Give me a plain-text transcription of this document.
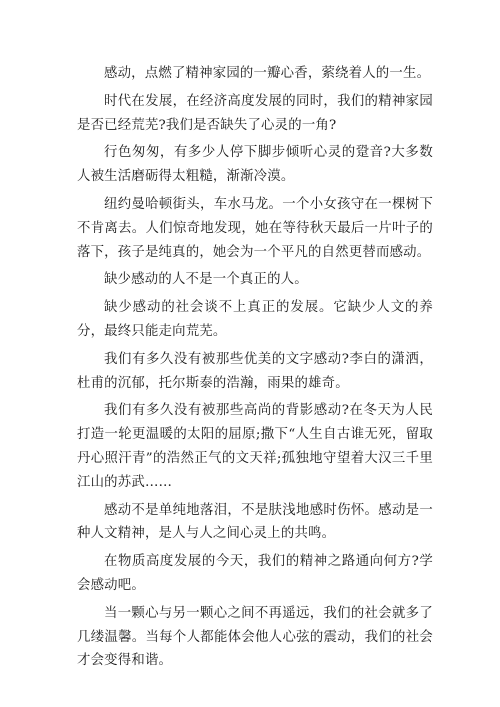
感动，点燃了精神家园的一瓣心香，萦绕着人的一生。

时代在发展，在经济高度发展的同时，我们的精神家园是否已经荒芜?我们是否缺失了心灵的一角?

行色匆匆，有多少人停下脚步倾听心灵的跫音?大多数人被生活磨砺得太粗糙，渐渐冷漠。

纽约曼哈顿街头，车水马龙。一个小女孩守在一棵树下不肯离去。人们惊奇地发现，她在等待秋天最后一片叶子的落下，孩子是纯真的，她会为一个平凡的自然更替而感动。

缺少感动的人不是一个真正的人。

缺少感动的社会谈不上真正的发展。它缺少人文的养分，最终只能走向荒芜。

我们有多久没有被那些优美的文字感动?李白的潇洒，杜甫的沉郁，托尔斯泰的浩瀚，雨果的雄奇。

我们有多久没有被那些高尚的背影感动?在冬天为人民打造一轮更温暖的太阳的屈原;撒下“人生自古谁无死，留取丹心照汗青”的浩然正气的文天祥;孤独地守望着大汉三千里江山的苏武……

感动不是单纯地落泪，不是肤浅地感时伤怀。感动是一种人文精神，是人与人之间心灵上的共鸣。

在物质高度发展的今天，我们的精神之路通向何方?学会感动吧。

当一颗心与另一颗心之间不再遥远，我们的社会就多了几缕温馨。当每个人都能体会他人心弦的震动，我们的社会才会变得和谐。
